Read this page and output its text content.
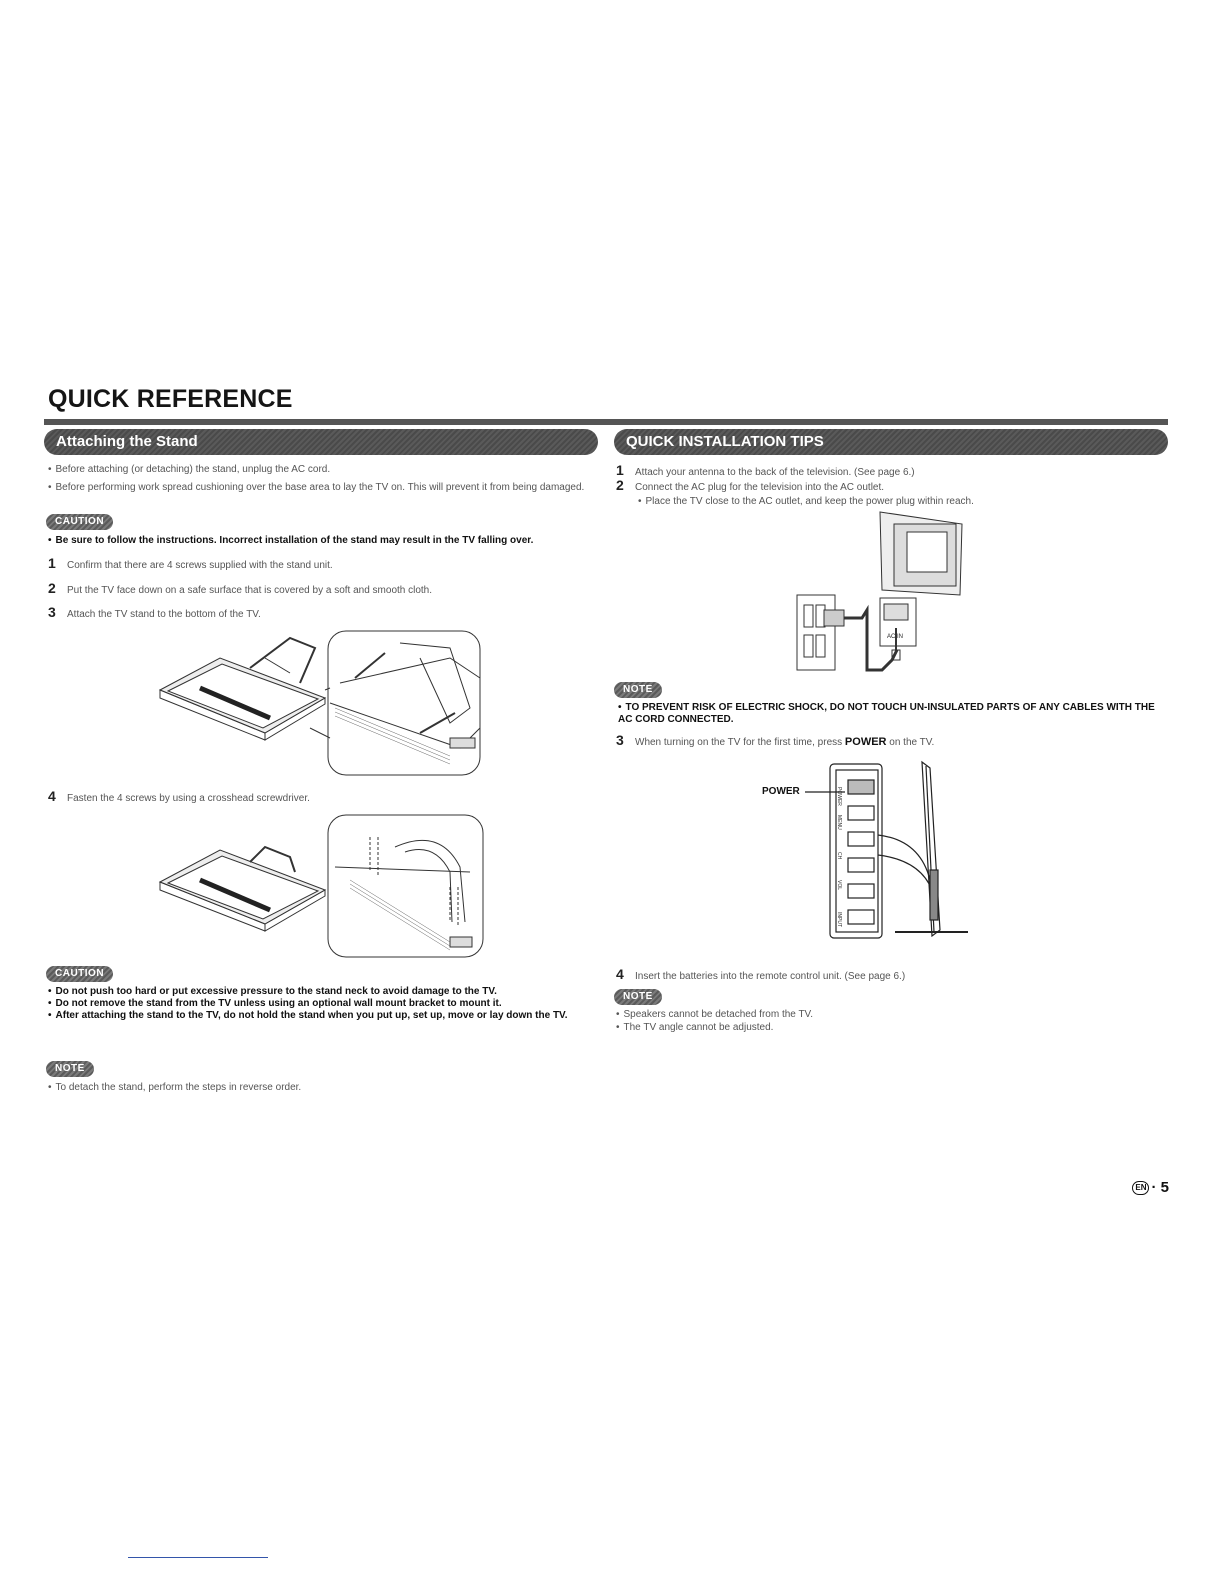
QUICK REFERENCE
Attaching the Stand
• Before attaching (or detaching) the stand, unplug the AC cord.
• Before performing work spread cushioning over the base area to lay the TV on. This will prevent it from being damaged.
CAUTION
• Be sure to follow the instructions. Incorrect installation of the stand may result in the TV falling over.
1 Confirm that there are 4 screws supplied with the stand unit.
2 Put the TV face down on a safe surface that is covered by a soft and smooth cloth.
3 Attach the TV stand to the bottom of the TV.
4 Fasten the 4 screws by using a crosshead screwdriver.
CAUTION
• Do not push too hard or put excessive pressure to the stand neck to avoid damage to the TV.
• Do not remove the stand from the TV unless using an optional wall mount bracket to mount it.
• After attaching the stand to the TV, do not hold the stand when you put up, set up, move or lay down the TV.
NOTE
• To detach the stand, perform the steps in reverse order.
QUICK INSTALLATION TIPS
1 Attach your antenna to the back of the television. (See page 6.)
2 Connect the AC plug for the television into the AC outlet.
• Place the TV close to the AC outlet, and keep the power plug within reach.
AC IN
NOTE
• TO PREVENT RISK OF ELECTRIC SHOCK, DO NOT TOUCH UN-INSULATED PARTS OF ANY CABLES WITH THE AC CORD CONNECTED.
3 When turning on the TV for the first time, press POWER on the TV.
POWER	POWER
MENU
CH
VOL
INPUT
4 Insert the batteries into the remote control unit. (See page 6.)
NOTE
• Speakers cannot be detached from the TV.
• The TV angle cannot be adjusted.
EN · 5
